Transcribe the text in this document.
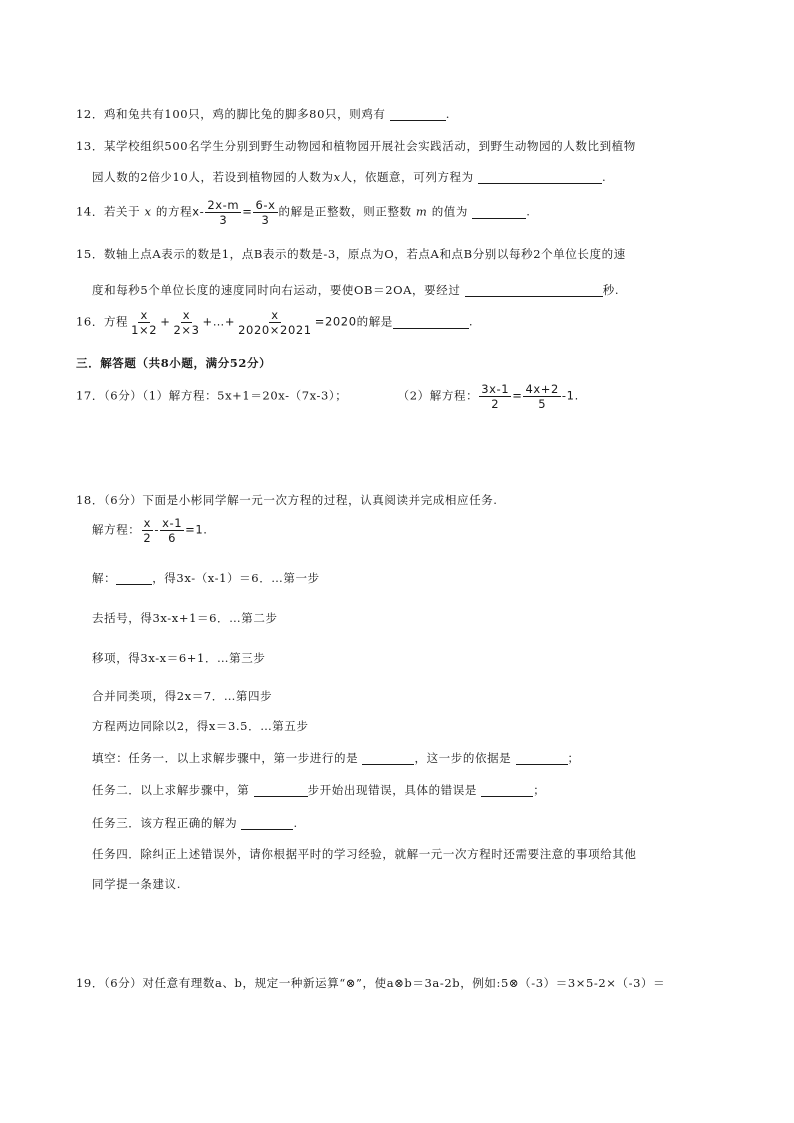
12．鸡和兔共有100只，鸡的脚比兔的脚多80只，则鸡有	.
13．某学校组织500名学生分别到野生动物园和植物园开展社会实践活动，到野生动物园的人数比到植物
园人数的2倍少10人，若设到植物园的人数为x人，依题意，可列方程为	.
14．若关于 x 的方程$x- \frac{2x-m}{3} = \frac{6-x}{3}$ 的解是正整数，则正整数 m 的值为	.
15．数轴上点A表示的数是1，点B表示的数是-3，原点为O，若点A和点B分别以每秒2个单位长度的速
度和每秒5个单位长度的速度同时向右运动，要使OB＝2OA，要经过	秒.
16．方程 $\frac{x}{1\times 2} + \frac{x}{2\times 3}$ +…+ $\frac{x}{2020\times 2021} =2020$的解是	.
三．解答题（共8小题，满分52分）
17．（6分）（1）解方程：5x+1＝20x-（7x-3）；	（2）解方程： $\frac{3x-1}{2} = \frac{4x+2}{5} -1$.
18．（6分）下面是小彬同学解一元一次方程的过程，认真阅读并完成相应任务.
解方程： $\frac{x}{2} - \frac{x-1}{6} =1$.
解：	，得3x-（x-1）＝6．…第一步
去括号，得3x-x+1＝6．…第二步
移项，得3x-x＝6+1．…第三步
合并同类项，得2x＝7．…第四步
方程两边同除以2，得x＝3.5．…第五步
填空：任务一．以上求解步骤中，第一步进行的是	，这一步的依据是	；
任务二．以上求解步骤中，第	步开始出现错误，具体的错误是	；
任务三．该方程正确的解为	.
任务四．除纠正上述错误外，请你根据平时的学习经验，就解一元一次方程时还需要注意的事项给其他
同学提一条建议.
19．（6分）对任意有理数a、b，规定一种新运算“⊗”，使a⊗b＝3a-2b，例如:5⊗（-3）＝3×5-2×（-3）＝
